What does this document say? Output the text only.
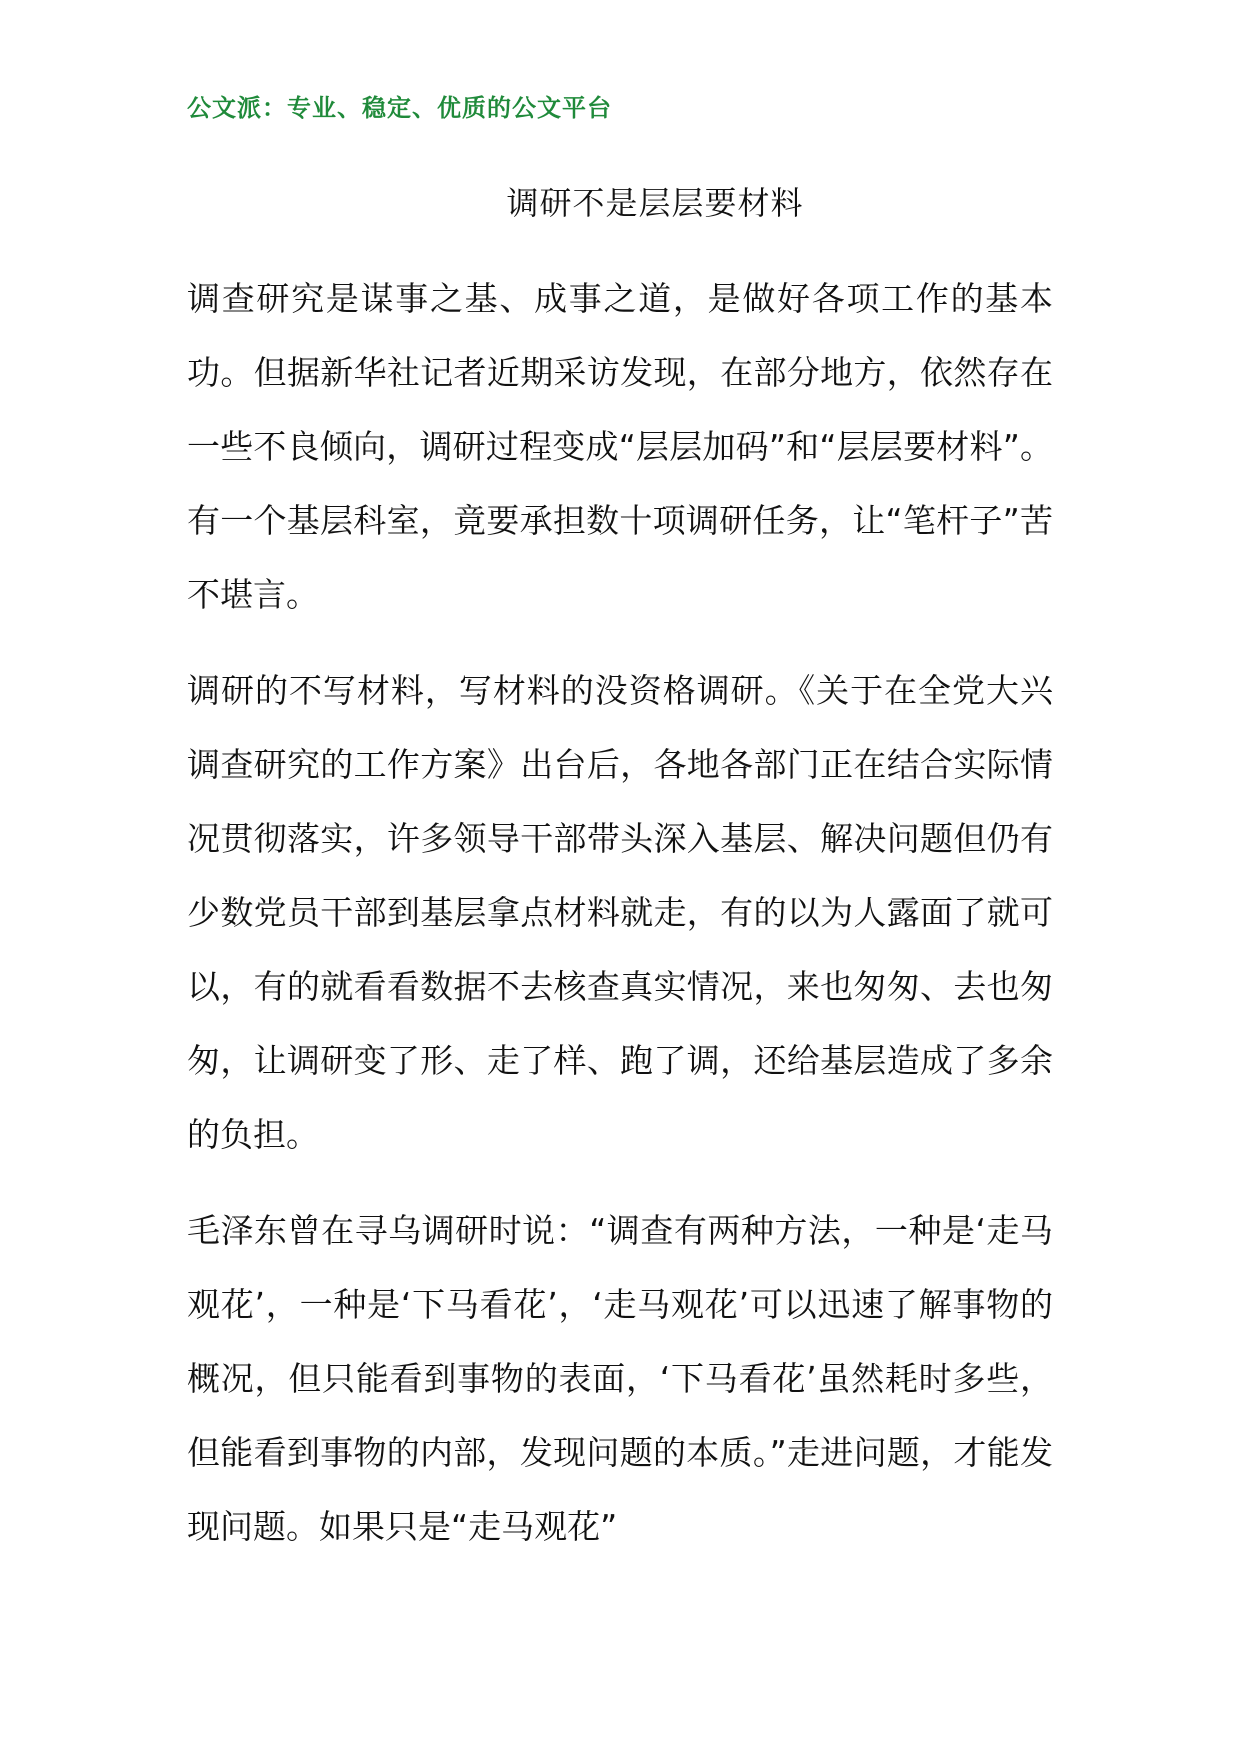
公文派：专业、稳定、优质的公文平台
调研不是层层要材料

调查研究是谋事之基、成事之道，是做好各项工作的基本功。但据新华社记者近期采访发现，在部分地方，依然存在一些不良倾向，调研过程变成“层层加码”和“层层要材料”。有一个基层科室，竟要承担数十项调研任务，让“笔杆子”苦不堪言。

调研的不写材料，写材料的没资格调研。《关于在全党大兴调查研究的工作方案》出台后，各地各部门正在结合实际情况贯彻落实，许多领导干部带头深入基层、解决问题但仍有少数党员干部到基层拿点材料就走，有的以为人露面了就可以，有的就看看数据不去核查真实情况，来也匆匆、去也匆匆，让调研变了形、走了样、跑了调，还给基层造成了多余的负担。

毛泽东曾在寻乌调研时说：“调查有两种方法，一种是‘走马观花’，一种是‘下马看花’，‘走马观花’可以迅速了解事物的概况，但只能看到事物的表面，‘下马看花’虽然耗时多些，但能看到事物的内部，发现问题的本质。”走进问题，才能发现问题。如果只是“走马观花”
